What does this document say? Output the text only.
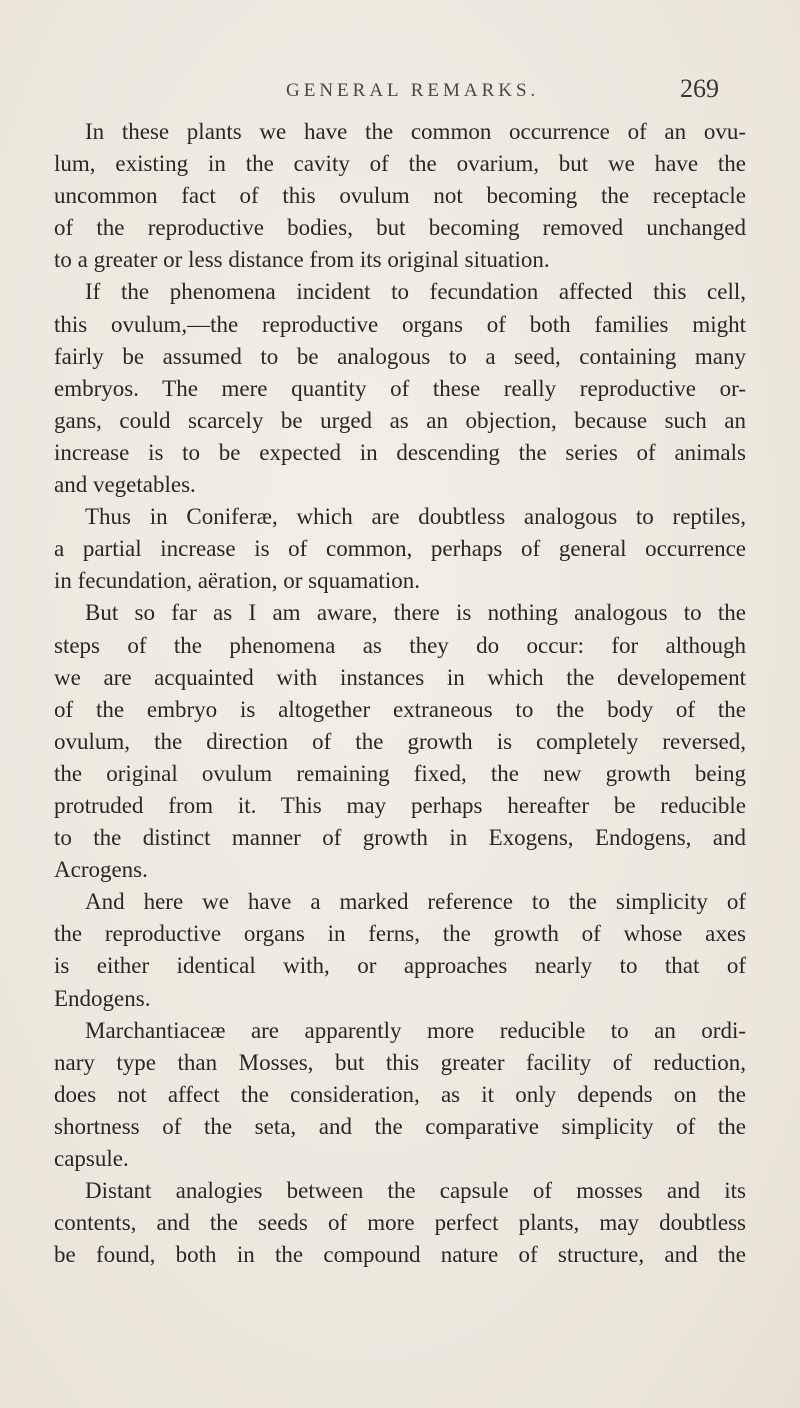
GENERAL REMARKS.	269
In these plants we have the common occurrence of an ovu-
lum, existing in the cavity of the ovarium, but we have the
uncommon fact of this ovulum not becoming the receptacle
of the reproductive bodies, but becoming removed unchanged
to a greater or less distance from its original situation.
If the phenomena incident to fecundation affected this cell,
this ovulum,—the reproductive organs of both families might
fairly be assumed to be analogous to a seed, containing many
embryos. The mere quantity of these really reproductive or-
gans, could scarcely be urged as an objection, because such an
increase is to be expected in descending the series of animals
and vegetables.
Thus in Coniferæ, which are doubtless analogous to reptiles,
a partial increase is of common, perhaps of general occurrence
in fecundation, aëration, or squamation.
But so far as I am aware, there is nothing analogous to the
steps of the phenomena as they do occur: for although
we are acquainted with instances in which the developement
of the embryo is altogether extraneous to the body of the
ovulum, the direction of the growth is completely reversed,
the original ovulum remaining fixed, the new growth being
protruded from it. This may perhaps hereafter be reducible
to the distinct manner of growth in Exogens, Endogens, and
Acrogens.
And here we have a marked reference to the simplicity of
the reproductive organs in ferns, the growth of whose axes
is either identical with, or approaches nearly to that of
Endogens.
Marchantiaceæ are apparently more reducible to an ordi-
nary type than Mosses, but this greater facility of reduction,
does not affect the consideration, as it only depends on the
shortness of the seta, and the comparative simplicity of the
capsule.
Distant analogies between the capsule of mosses and its
contents, and the seeds of more perfect plants, may doubtless
be found, both in the compound nature of structure, and the
